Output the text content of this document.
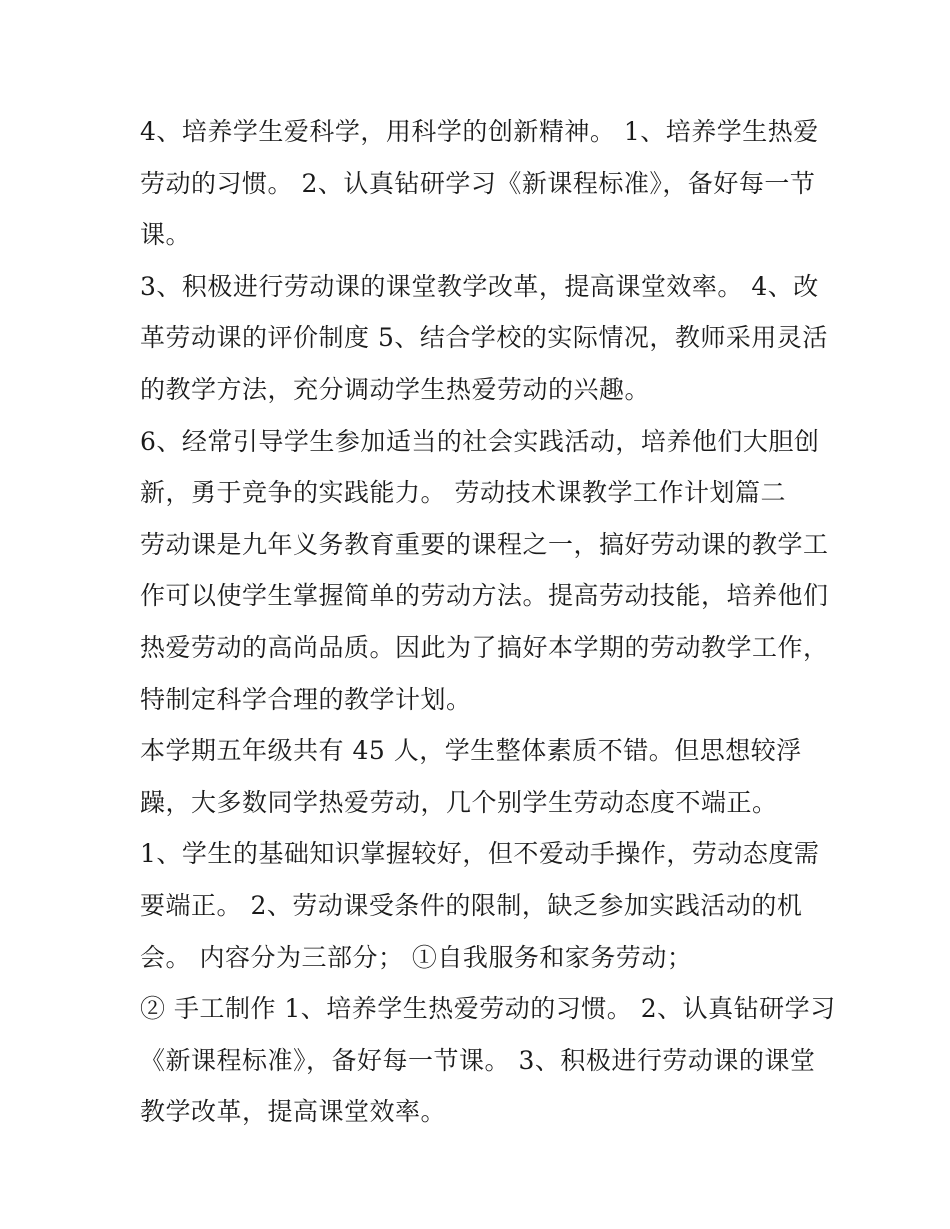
4、培养学生爱科学，用科学的创新精神。 1、培养学生热爱
劳动的习惯。 2、认真钻研学习《新课程标准》，备好每一节
课。
3、积极进行劳动课的课堂教学改革，提高课堂效率。 4、改
革劳动课的评价制度 5、结合学校的实际情况，教师采用灵活
的教学方法，充分调动学生热爱劳动的兴趣。
6、经常引导学生参加适当的社会实践活动，培养他们大胆创
新，勇于竞争的实践能力。 劳动技术课教学工作计划篇二
劳动课是九年义务教育重要的课程之一，搞好劳动课的教学工
作可以使学生掌握简单的劳动方法。提高劳动技能，培养他们
热爱劳动的高尚品质。因此为了搞好本学期的劳动教学工作，
特制定科学合理的教学计划。
本学期五年级共有 45 人，学生整体素质不错。但思想较浮
躁，大多数同学热爱劳动，几个别学生劳动态度不端正。
1、学生的基础知识掌握较好，但不爱动手操作，劳动态度需
要端正。 2、劳动课受条件的限制，缺乏参加实践活动的机
会。 内容分为三部分； ①自我服务和家务劳动；
② 手工制作 1、培养学生热爱劳动的习惯。 2、认真钻研学习
《新课程标准》，备好每一节课。 3、积极进行劳动课的课堂
教学改革，提高课堂效率。
